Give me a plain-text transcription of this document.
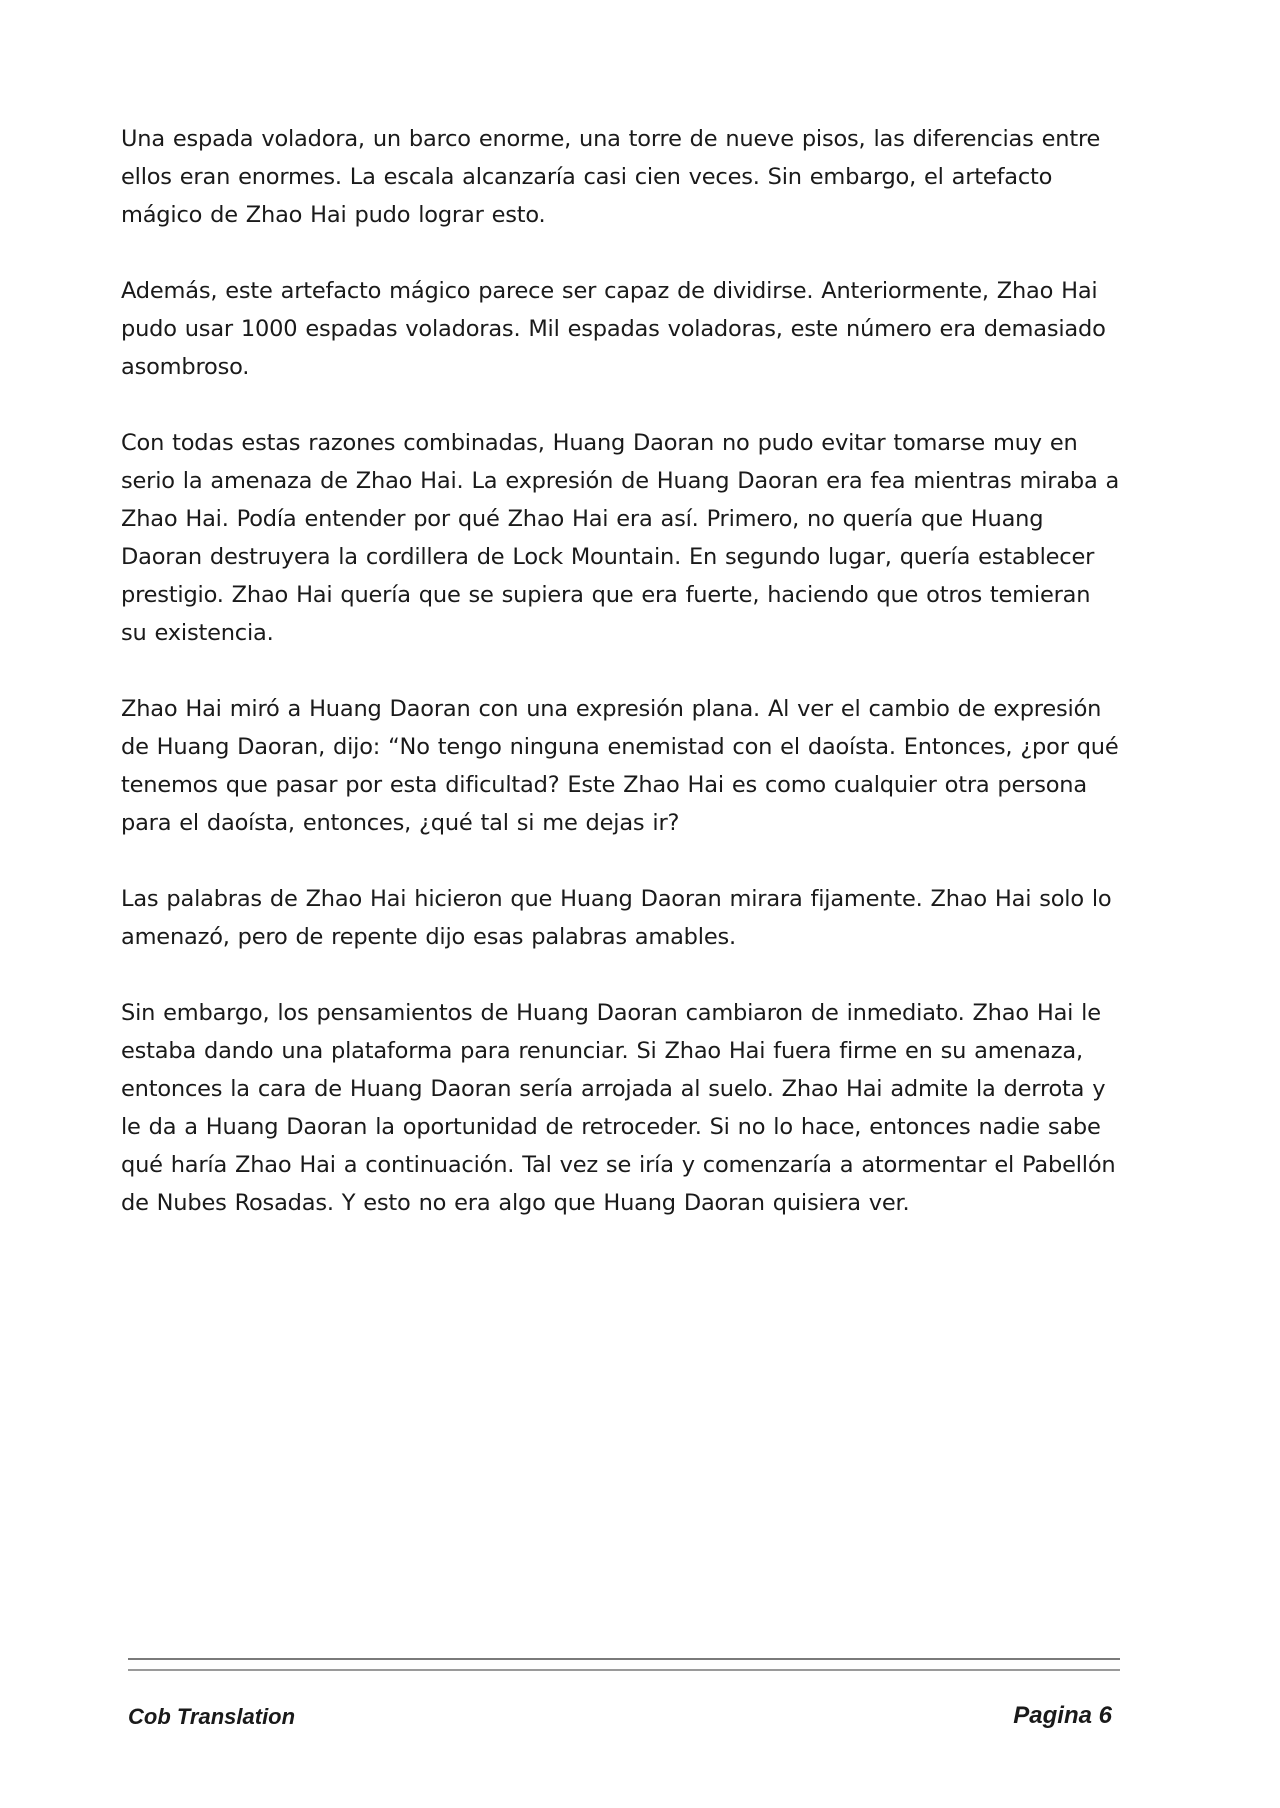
Una espada voladora, un barco enorme, una torre de nueve pisos, las diferencias entre ellos eran enormes. La escala alcanzaría casi cien veces. Sin embargo, el artefacto mágico de Zhao Hai pudo lograr esto.

Además, este artefacto mágico parece ser capaz de dividirse. Anteriormente, Zhao Hai pudo usar 1000 espadas voladoras. Mil espadas voladoras, este número era demasiado asombroso.

Con todas estas razones combinadas, Huang Daoran no pudo evitar tomarse muy en serio la amenaza de Zhao Hai. La expresión de Huang Daoran era fea mientras miraba a Zhao Hai. Podía entender por qué Zhao Hai era así. Primero, no quería que Huang Daoran destruyera la cordillera de Lock Mountain. En segundo lugar, quería establecer prestigio. Zhao Hai quería que se supiera que era fuerte, haciendo que otros temieran su existencia.

Zhao Hai miró a Huang Daoran con una expresión plana. Al ver el cambio de expresión de Huang Daoran, dijo: “No tengo ninguna enemistad con el daoísta. Entonces, ¿por qué tenemos que pasar por esta dificultad? Este Zhao Hai es como cualquier otra persona para el daoísta, entonces, ¿qué tal si me dejas ir?

Las palabras de Zhao Hai hicieron que Huang Daoran mirara fijamente. Zhao Hai solo lo amenazó, pero de repente dijo esas palabras amables.

Sin embargo, los pensamientos de Huang Daoran cambiaron de inmediato. Zhao Hai le estaba dando una plataforma para renunciar. Si Zhao Hai fuera firme en su amenaza, entonces la cara de Huang Daoran sería arrojada al suelo. Zhao Hai admite la derrota y le da a Huang Daoran la oportunidad de retroceder. Si no lo hace, entonces nadie sabe qué haría Zhao Hai a continuación. Tal vez se iría y comenzaría a atormentar el Pabellón de Nubes Rosadas. Y esto no era algo que Huang Daoran quisiera ver.

Cob Translation	Pagina 6
